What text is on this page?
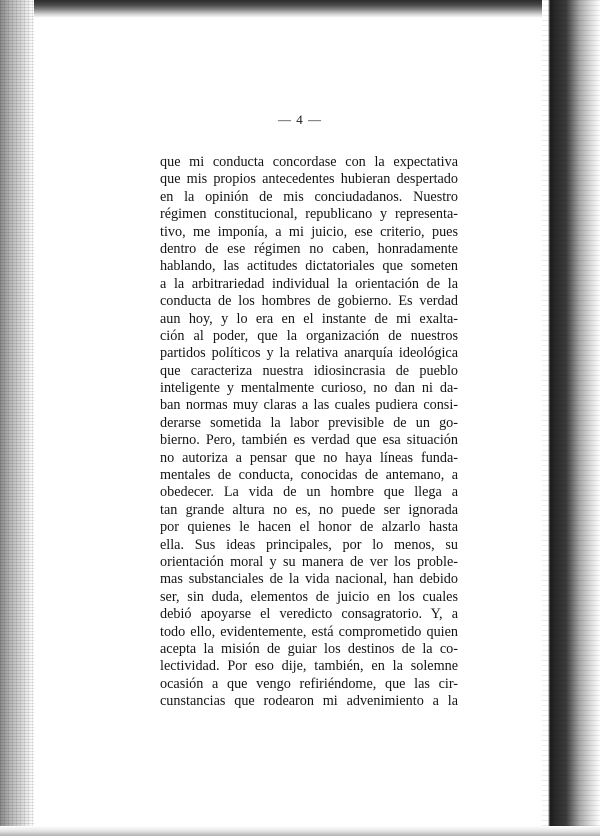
— 4 —
que mi conducta concordase con la expectativa
que mis propios antecedentes hubieran despertado
en la opinión de mis conciudadanos. Nuestro
régimen constitucional, republicano y representa-
tivo, me imponía, a mi juicio, ese criterio, pues
dentro de ese régimen no caben, honradamente
hablando, las actitudes dictatoriales que someten
a la arbitrariedad individual la orientación de la
conducta de los hombres de gobierno. Es verdad
aun hoy, y lo era en el instante de mi exalta-
ción al poder, que la organización de nuestros
partidos políticos y la relativa anarquía ideológica
que caracteriza nuestra idiosincrasia de pueblo
inteligente y mentalmente curioso, no dan ni da-
ban normas muy claras a las cuales pudiera consi-
derarse sometida la labor previsible de un go-
bierno. Pero, también es verdad que esa situación
no autoriza a pensar que no haya líneas funda-
mentales de conducta, conocidas de antemano, a
obedecer. La vida de un hombre que llega a
tan grande altura no es, no puede ser ignorada
por quienes le hacen el honor de alzarlo hasta
ella. Sus ideas principales, por lo menos, su
orientación moral y su manera de ver los proble-
mas substanciales de la vida nacional, han debido
ser, sin duda, elementos de juicio en los cuales
debió apoyarse el veredicto consagratorio. Y, a
todo ello, evidentemente, está comprometido quien
acepta la misión de guiar los destinos de la co-
lectividad. Por eso dije, también, en la solemne
ocasión a que vengo refiriéndome, que las cir-
cunstancias que rodearon mi advenimiento a la
